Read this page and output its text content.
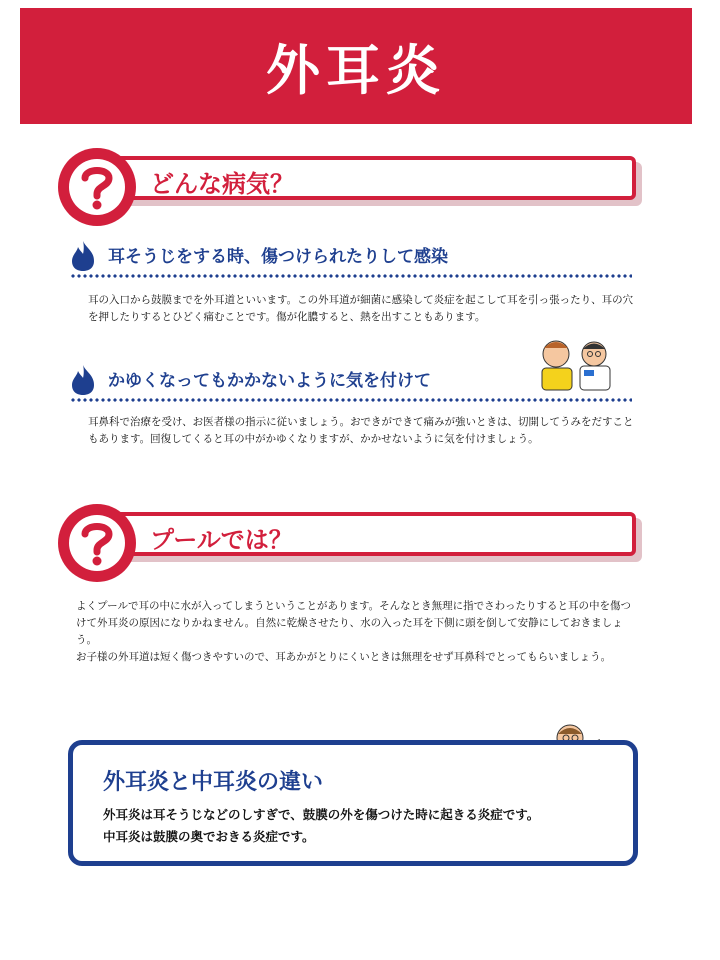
外耳炎
どんな病気？
耳そうじをする時、傷つけられたりして感染

耳の入口から鼓膜までを外耳道といいます。この外耳道が細菌に感染して炎症を起こして耳を引っ張ったり、耳の穴を押したりするとひどく痛むことです。傷が化膿すると、熱を出すこともあります。

かゆくなってもかかないように気を付けて

耳鼻科で治療を受け、お医者様の指示に従いましょう。おできができて痛みが強いときは、切開してうみをだすこともあります。回復してくると耳の中がかゆくなりますが、かかせないように気を付けましょう。

プールでは？

よくプールで耳の中に水が入ってしまうということがあります。そんなとき無理に指でさわったりすると耳の中を傷つけて外耳炎の原因になりかねません。自然に乾燥させたり、水の入った耳を下側に頭を倒して安静にしておきましょう。

お子様の外耳道は短く傷つきやすいので、耳あかがとりにくいときは無理をせず耳鼻科でとってもらいましょう。

外耳炎と中耳炎の違い
外耳炎は耳そうじなどのしすぎで、鼓膜の外を傷つけた時に起きる炎症です。
中耳炎は鼓膜の奥でおきる炎症です。
